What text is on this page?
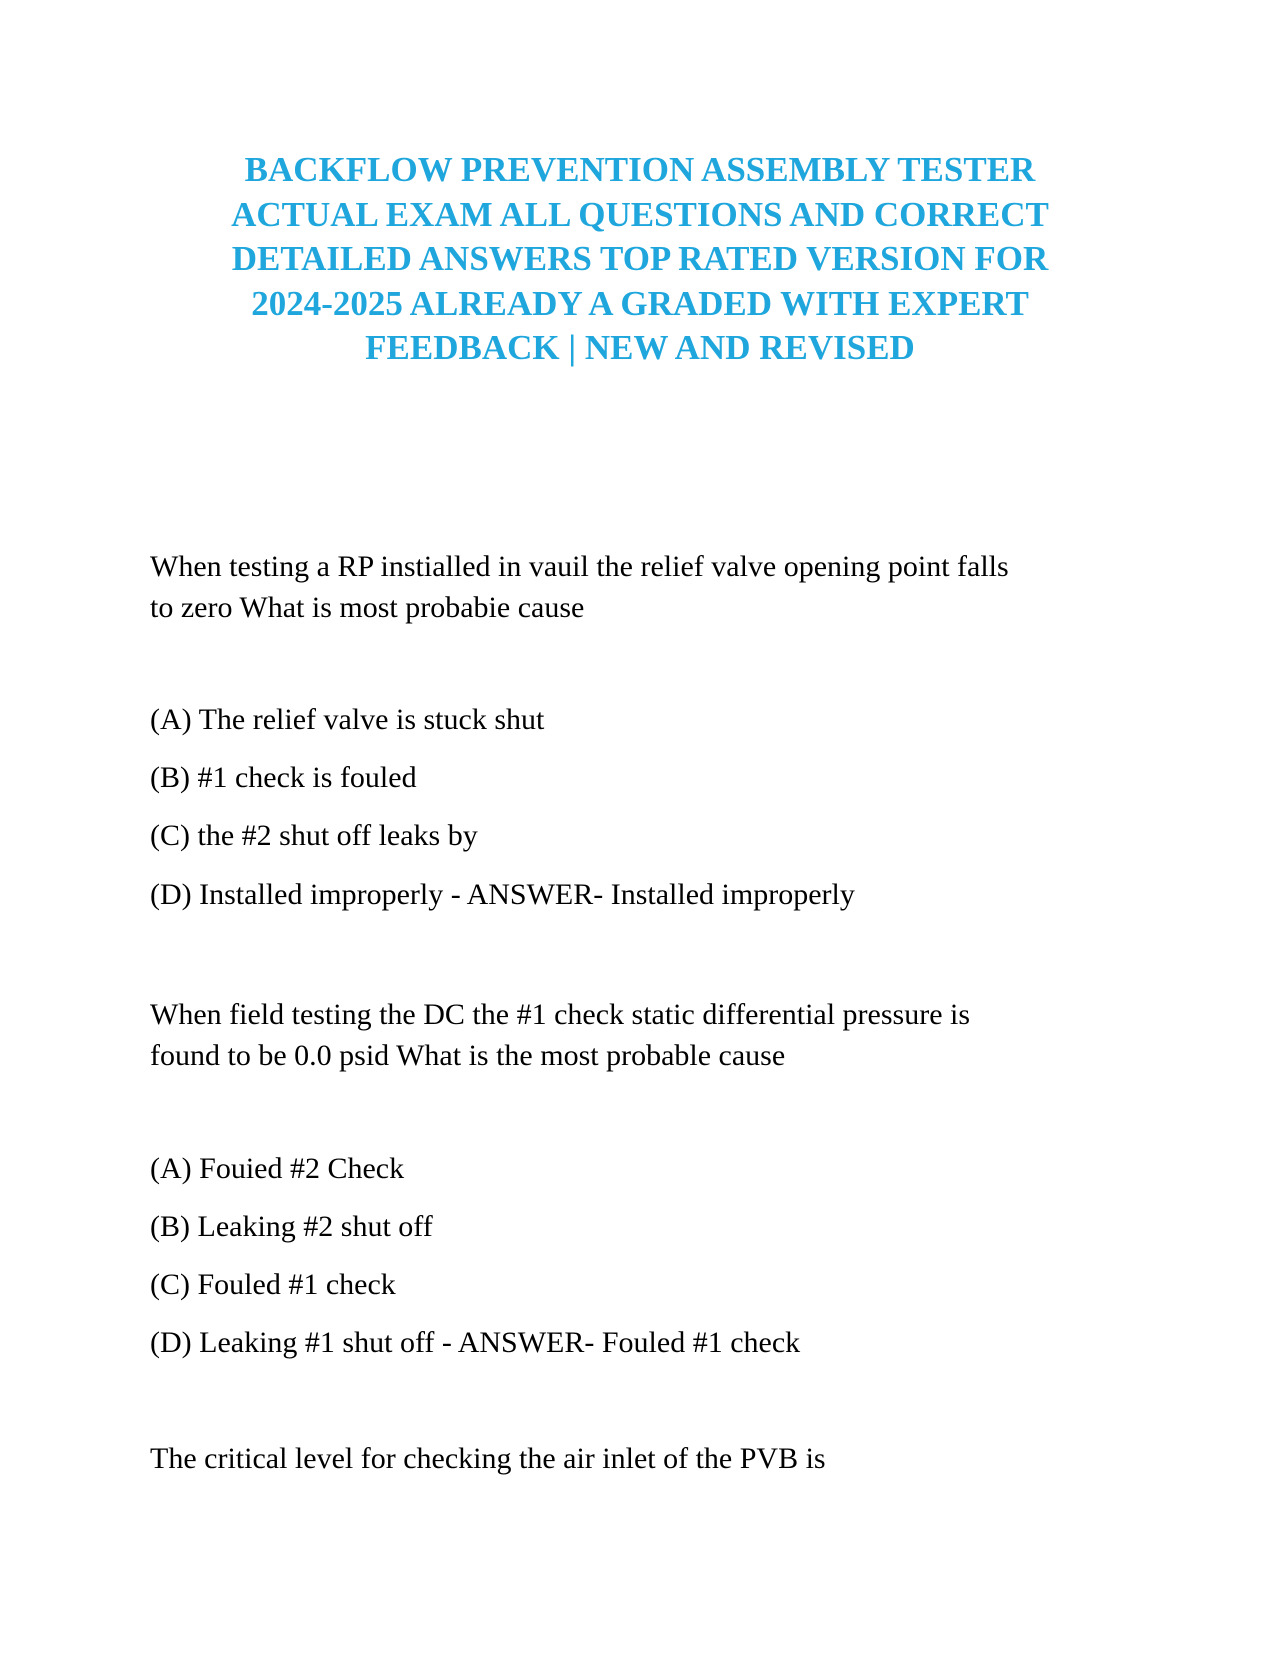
BACKFLOW PREVENTION ASSEMBLY TESTER
ACTUAL EXAM ALL QUESTIONS AND CORRECT
DETAILED ANSWERS TOP RATED VERSION FOR
2024-2025 ALREADY A GRADED WITH EXPERT
FEEDBACK | NEW AND REVISED
When testing a RP instialled in vauil the relief valve opening point falls
to zero What is most probabie cause
(A) The relief valve is stuck shut
(B) #1 check is fouled
(C) the #2 shut off leaks by
(D) Installed improperly - ANSWER- Installed improperly
When field testing the DC the #1 check static differential pressure is
found to be 0.0 psid What is the most probable cause
(A) Fouied #2 Check
(B) Leaking #2 shut off
(C) Fouled #1 check
(D) Leaking #1 shut off - ANSWER- Fouled #1 check
The critical level for checking the air inlet of the PVB is
